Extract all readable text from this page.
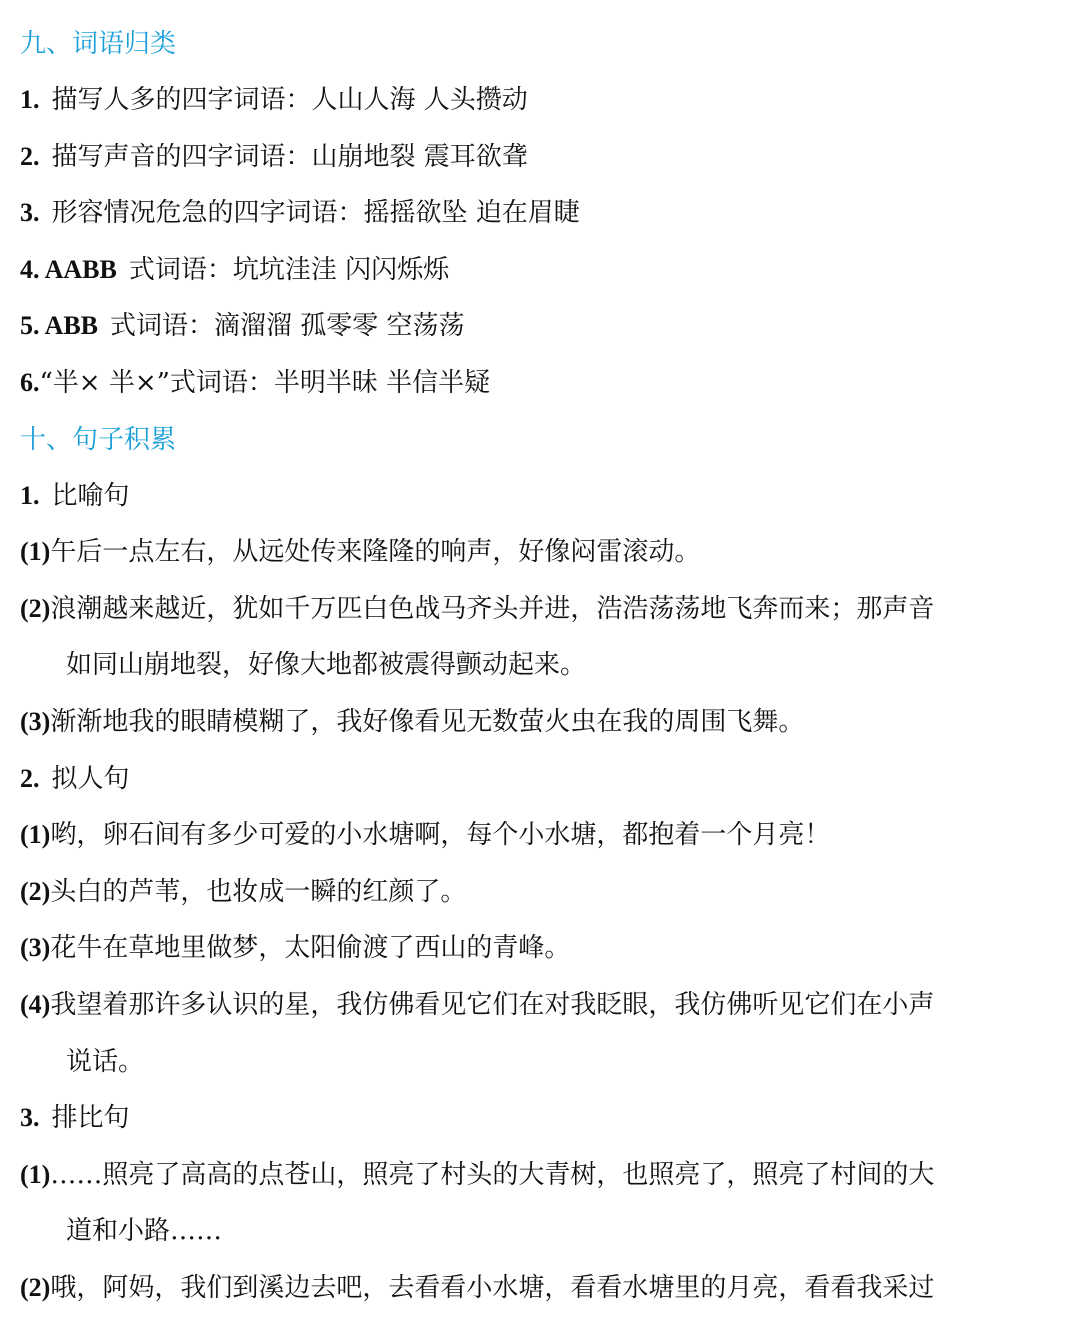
九、词语归类
1. 描写人多的四字词语：人山人海 人头攒动
2. 描写声音的四字词语：山崩地裂 震耳欲聋
3. 形容情况危急的四字词语：摇摇欲坠 迫在眉睫
4. AABB 式词语：坑坑洼洼 闪闪烁烁
5. ABB 式词语：滴溜溜 孤零零 空荡荡
6.“半× 半×”式词语：半明半昧 半信半疑
十、句子积累
1. 比喻句
(1)午后一点左右，从远处传来隆隆的响声，好像闷雷滚动。
(2)浪潮越来越近，犹如千万匹白色战马齐头并进，浩浩荡荡地飞奔而来；那声音
如同山崩地裂，好像大地都被震得颤动起来。
(3)渐渐地我的眼睛模糊了，我好像看见无数萤火虫在我的周围飞舞。
2. 拟人句
(1)哟，卵石间有多少可爱的小水塘啊，每个小水塘，都抱着一个月亮！
(2)头白的芦苇，也妆成一瞬的红颜了。
(3)花牛在草地里做梦，太阳偷渡了西山的青峰。
(4)我望着那许多认识的星，我仿佛看见它们在对我眨眼，我仿佛听见它们在小声
说话。
3. 排比句
(1)……照亮了高高的点苍山，照亮了村头的大青树，也照亮了，照亮了村间的大
道和小路……
(2)哦，阿妈，我们到溪边去吧，去看看小水塘，看看水塘里的月亮，看看我采过
